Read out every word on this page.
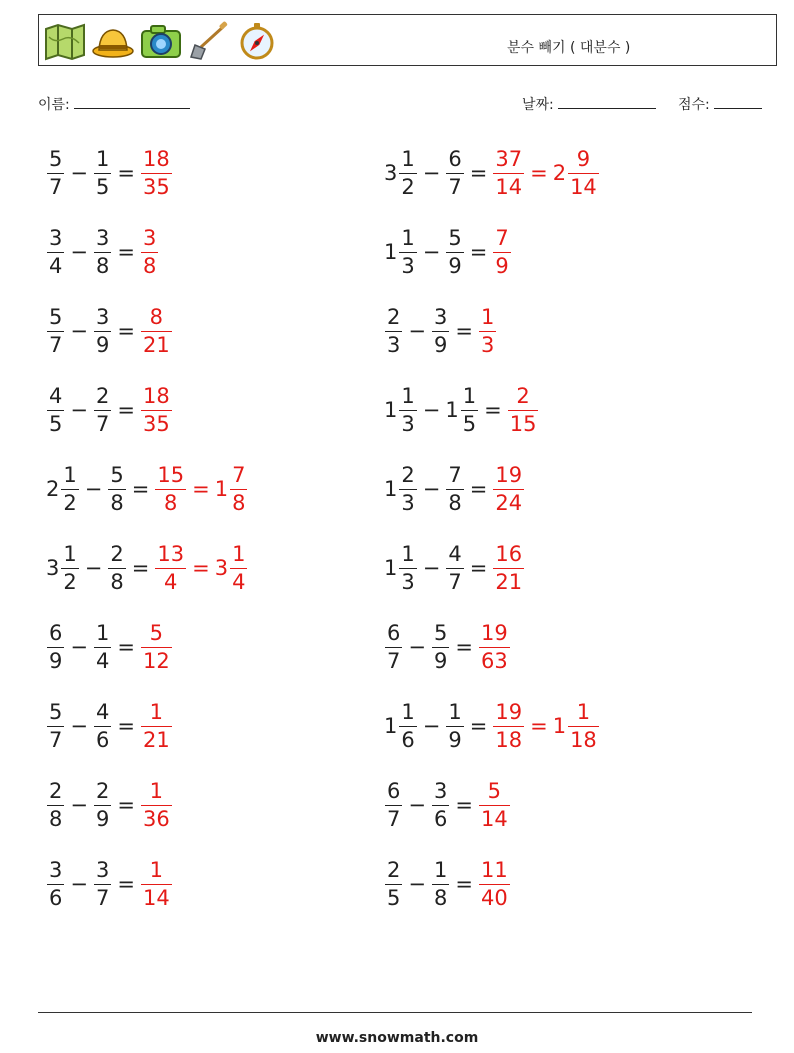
분수 빼기 ( 대분수 )
이름:	날짜:	점수:
$\frac{5}{7} - \frac{1}{5} = \frac{18}{35}$
$\frac{3}{4} - \frac{3}{8} = \frac{3}{8}$
$\frac{5}{7} - \frac{3}{9} = \frac{8}{21}$
$\frac{4}{5} - \frac{2}{7} = \frac{18}{35}$
$2 \frac{1}{2} - \frac{5}{8} = \frac{15}{8} = 1 \frac{7}{8}$
$3 \frac{1}{2} - \frac{2}{8} = \frac{13}{4} = 3 \frac{1}{4}$
$\frac{6}{9} - \frac{1}{4} = \frac{5}{12}$
$\frac{5}{7} - \frac{4}{6} = \frac{1}{21}$
$\frac{2}{8} - \frac{2}{9} = \frac{1}{36}$
$\frac{3}{6} - \frac{3}{7} = \frac{1}{14}$
$3 \frac{1}{2} - \frac{6}{7} = \frac{37}{14} = 2 \frac{9}{14}$
$1 \frac{1}{3} - \frac{5}{9} = \frac{7}{9}$
$\frac{2}{3} - \frac{3}{9} = \frac{1}{3}$
$1 \frac{1}{3} - 1 \frac{1}{5} = \frac{2}{15}$
$1 \frac{2}{3} - \frac{7}{8} = \frac{19}{24}$
$1 \frac{1}{3} - \frac{4}{7} = \frac{16}{21}$
$\frac{6}{7} - \frac{5}{9} = \frac{19}{63}$
$1 \frac{1}{6} - \frac{1}{9} = \frac{19}{18} = 1 \frac{1}{18}$
$\frac{6}{7} - \frac{3}{6} = \frac{5}{14}$
$\frac{2}{5} - \frac{1}{8} = \frac{11}{40}$
www.snowmath.com
